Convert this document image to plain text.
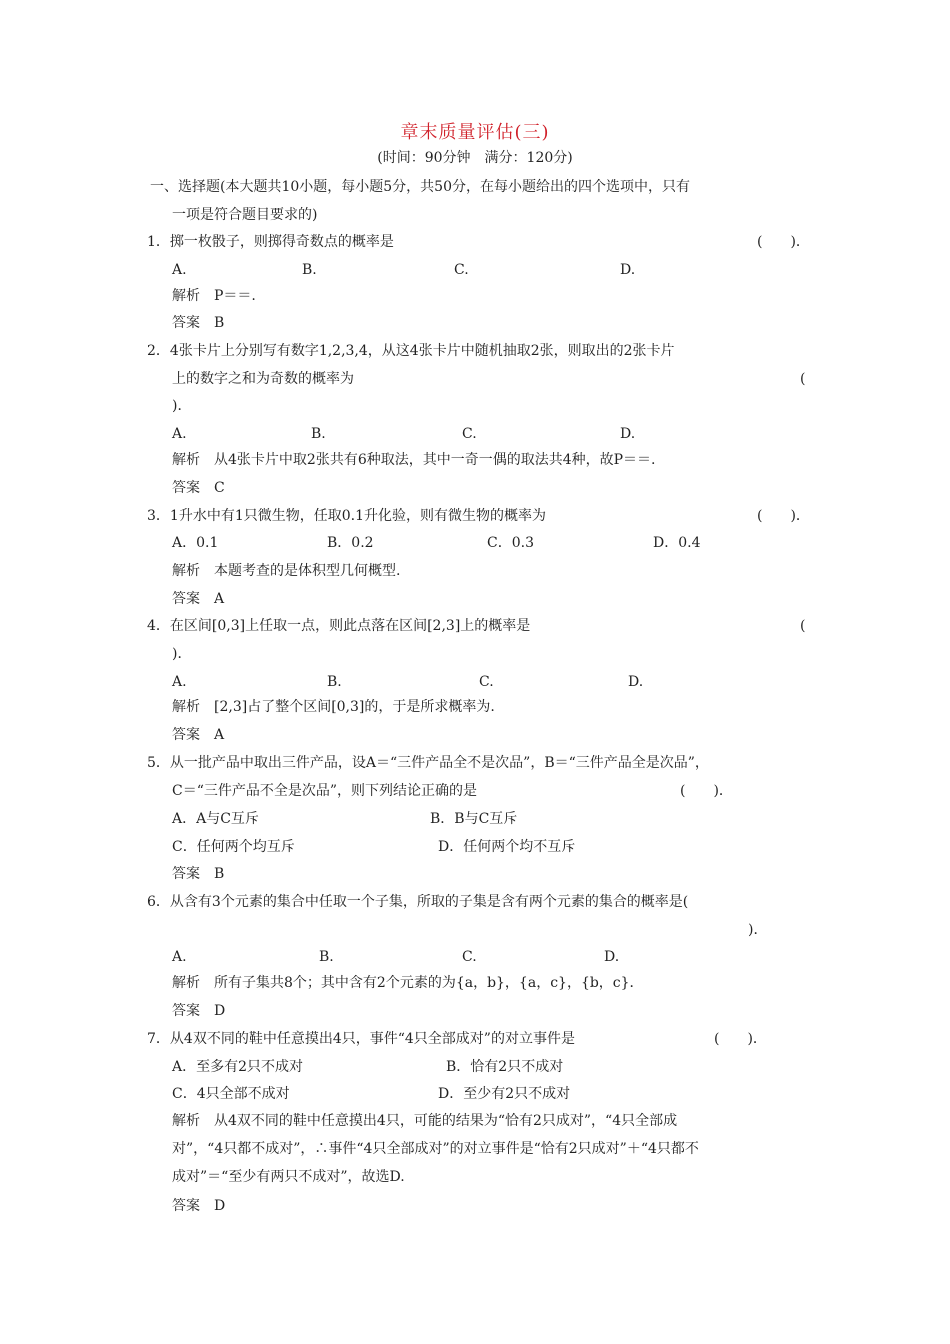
章末质量评估(三)
(时间：90分钟　满分：120分)
一、选择题(本大题共10小题，每小题5分，共50分，在每小题给出的四个选项中，只有
一项是符合题目要求的)
1．掷一枚骰子，则掷得奇数点的概率是	(　　)．
A.	B.	C.	D.
解析　P＝＝.
答案　B
2．4张卡片上分别写有数字1,2,3,4，从这4张卡片中随机抽取2张，则取出的2张卡片
上的数字之和为奇数的概率为	(
)．
A.	B.	C.	D.
解析　从4张卡片中取2张共有6种取法，其中一奇一偶的取法共4种，故P＝＝.
答案　C
3．1升水中有1只微生物，任取0.1升化验，则有微生物的概率为	(　　)．
A．0.1	B．0.2	C．0.3	D．0.4
解析　本题考查的是体积型几何概型.
答案　A
4．在区间[0,3]上任取一点，则此点落在区间[2,3]上的概率是	(
)．
A.	B.	C.	D.
解析　[2,3]占了整个区间[0,3]的，于是所求概率为.
答案　A
5．从一批产品中取出三件产品，设A＝“三件产品全不是次品”，B＝“三件产品全是次品”，
C＝“三件产品不全是次品”，则下列结论正确的是	(　　)．
A．A与C互斥	B．B与C互斥
C．任何两个均互斥	D．任何两个均不互斥
答案　B
6．从含有3个元素的集合中任取一个子集，所取的子集是含有两个元素的集合的概率是(
)．
A.	B.	C.	D.
解析　所有子集共8个；其中含有2个元素的为{a，b}，{a，c}，{b，c}．
答案　D
7．从4双不同的鞋中任意摸出4只，事件“4只全部成对”的对立事件是	(　　)．
A．至多有2只不成对	B．恰有2只不成对
C．4只全部不成对	D．至少有2只不成对
解析　从4双不同的鞋中任意摸出4只，可能的结果为“恰有2只成对”，“4只全部成
对”，“4只都不成对”，∴事件“4只全部成对”的对立事件是“恰有2只成对”＋“4只都不
成对”＝“至少有两只不成对”，故选D.
答案　D
